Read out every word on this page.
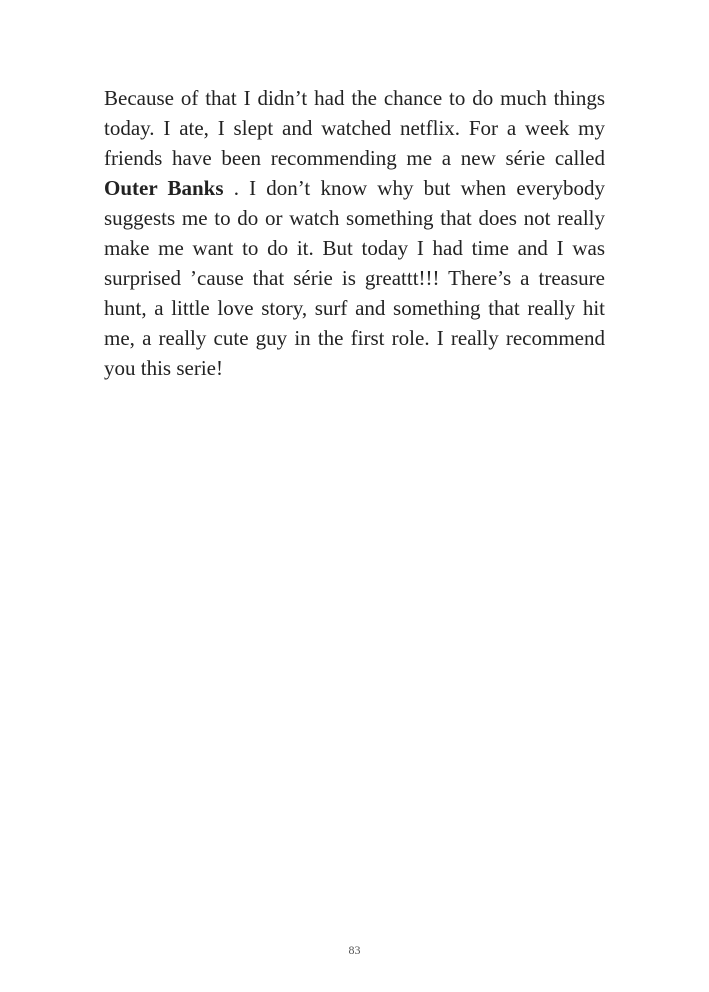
Because of that I didn’t had the chance to do much things today. I ate, I slept and watched netflix. For a week my friends have been recommending me a new série called Outer Banks . I don’t know why but when everybody suggests me to do or watch something that does not really make me want to do it. But today I had time and I was surprised ’cause that série is greattt!!! There’s a treasure hunt, a little love story, surf and something that really hit me, a really cute guy in the first role. I really recommend you this serie!

83
